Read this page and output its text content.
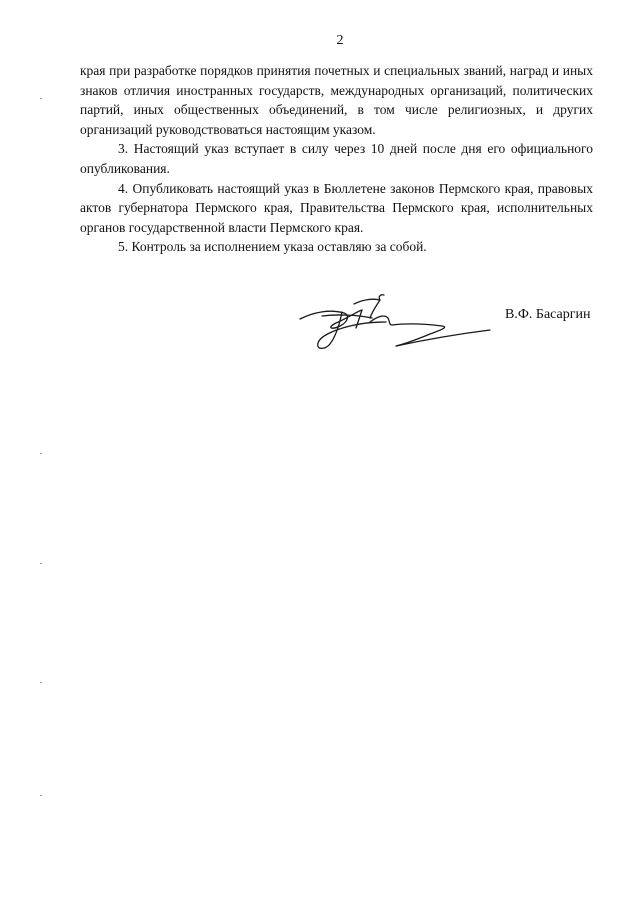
2

края при разработке порядков принятия почетных и специальных званий, наград и иных знаков отличия иностранных государств, международных организаций, политических партий, иных общественных объединений, в том числе религиозных, и других организаций руководствоваться настоящим указом.

3. Настоящий указ вступает в силу через 10 дней после дня его официального опубликования.

4. Опубликовать настоящий указ в Бюллетене законов Пермского края, правовых актов губернатора Пермского края, Правительства Пермского края, исполнительных органов государственной власти Пермского края.

5. Контроль за исполнением указа оставляю за собой.

В.Ф. Басаргин
